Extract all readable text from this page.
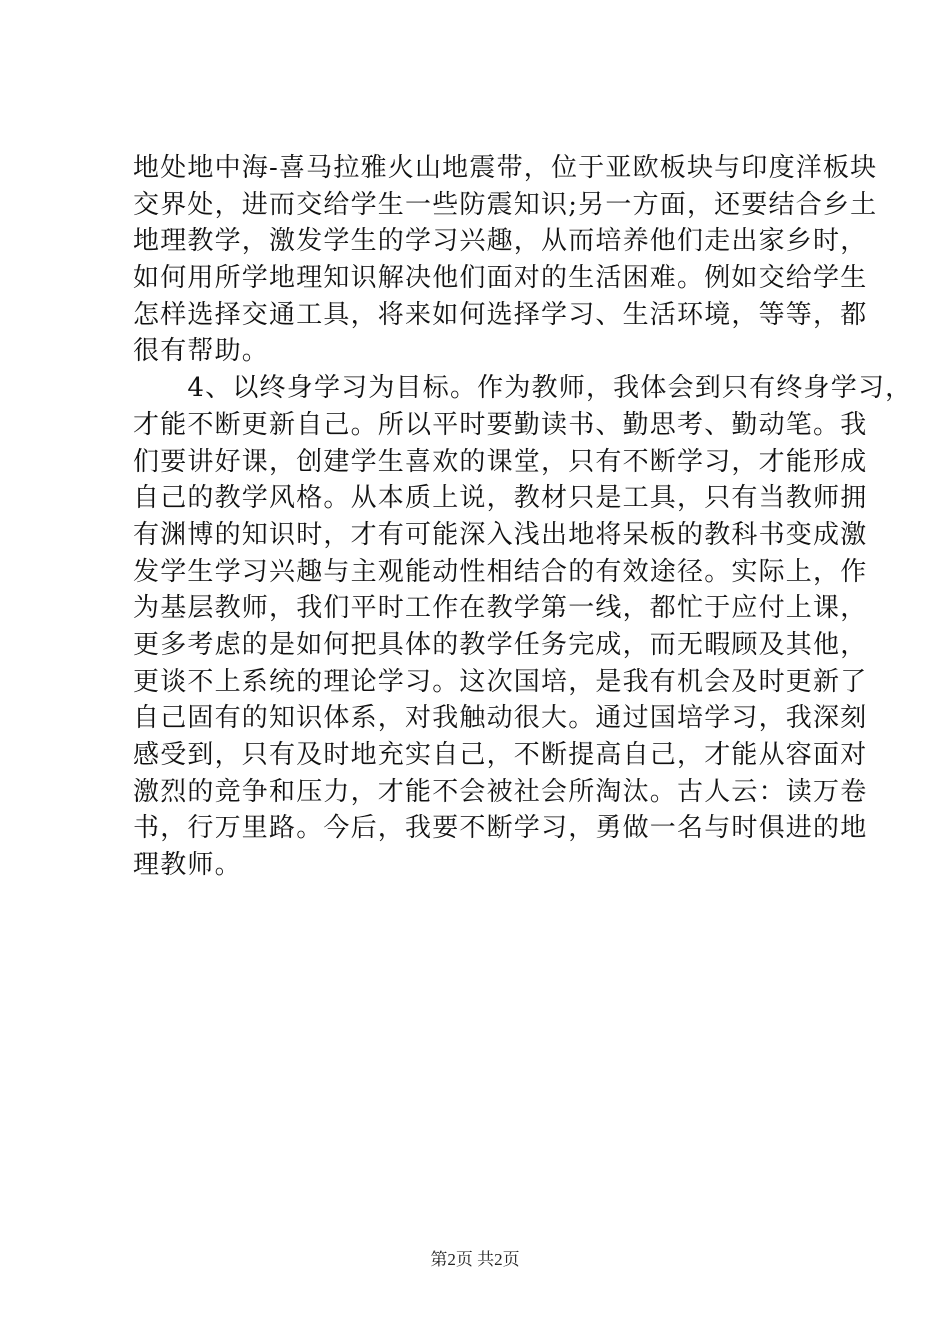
地处地中海-喜马拉雅火山地震带，位于亚欧板块与印度洋板块
交界处，进而交给学生一些防震知识;另一方面，还要结合乡土
地理教学，激发学生的学习兴趣，从而培养他们走出家乡时，
如何用所学地理知识解决他们面对的生活困难。例如交给学生
怎样选择交通工具，将来如何选择学习、生活环境，等等，都
很有帮助。
　　4、以终身学习为目标。作为教师，我体会到只有终身学习，
才能不断更新自己。所以平时要勤读书、勤思考、勤动笔。我
们要讲好课，创建学生喜欢的课堂，只有不断学习，才能形成
自己的教学风格。从本质上说，教材只是工具，只有当教师拥
有渊博的知识时，才有可能深入浅出地将呆板的教科书变成激
发学生学习兴趣与主观能动性相结合的有效途径。实际上，作
为基层教师，我们平时工作在教学第一线，都忙于应付上课，
更多考虑的是如何把具体的教学任务完成，而无暇顾及其他，
更谈不上系统的理论学习。这次国培，是我有机会及时更新了
自己固有的知识体系，对我触动很大。通过国培学习，我深刻
感受到，只有及时地充实自己，不断提高自己，才能从容面对
激烈的竞争和压力，才能不会被社会所淘汰。古人云：读万卷
书，行万里路。今后，我要不断学习，勇做一名与时俱进的地
理教师。
第2页 共2页
